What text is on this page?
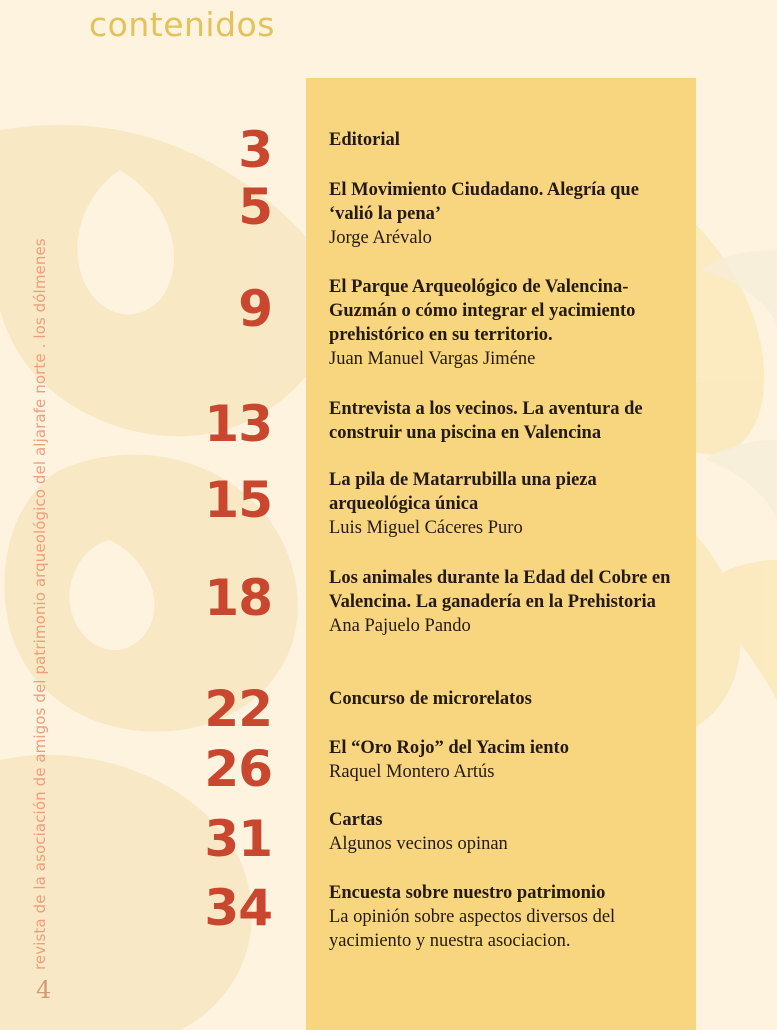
contenidos
revista de la asociación de amigos del patrimonio arqueológico del aljarafe norte . los dólmenes
4
3	Editorial
5	El Movimiento Ciudadano. Alegría que ‘valió la pena’
Jorge Arévalo
9	El Parque Arqueológico de Valencina-Guzmán o cómo integrar el yacimiento prehistórico en su territorio.
Juan Manuel Vargas Jiméne
13	Entrevista a los vecinos. La aventura de construir una piscina en Valencina
15	La pila de Matarrubilla una pieza arqueológica única
Luis Miguel Cáceres Puro
18	Los animales durante la Edad del Cobre en Valencina. La ganadería en la Prehistoria
Ana Pajuelo Pando
22	Concurso de microrelatos
26	El “Oro Rojo” del Yacim iento
Raquel Montero Artús
31	Cartas
Algunos vecinos opinan
34	Encuesta sobre nuestro patrimonio
La opinión sobre aspectos diversos del yacimiento y nuestra asociacion.
